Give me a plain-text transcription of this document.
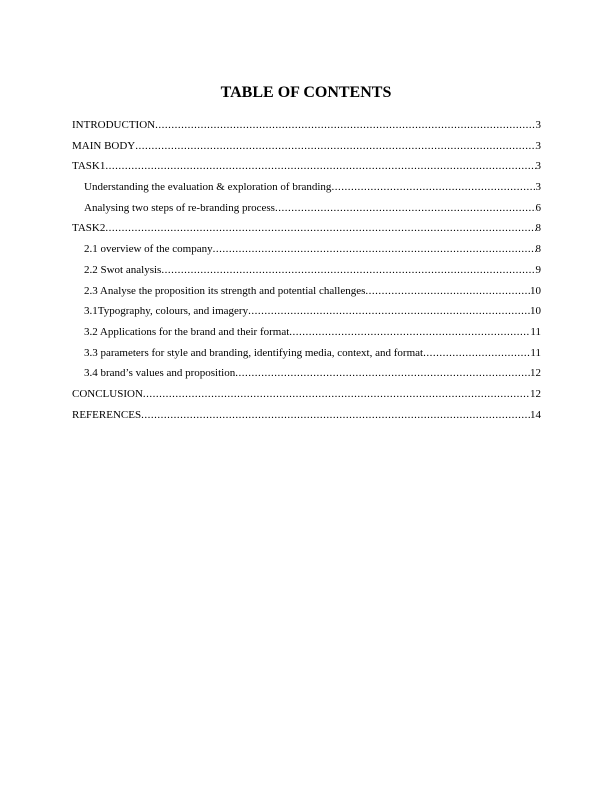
TABLE OF CONTENTS
INTRODUCTION .....	3
MAIN BODY .....	3
TASK1 .....	3
Understanding the evaluation & exploration of branding .....	3
Analysing two steps of re-branding process .....	6
TASK2 .....	8
2.1 overview of the company .....	8
2.2 Swot analysis .....	9
2.3 Analyse the proposition its strength and potential challenges .....	10
3.1Typography, colours, and imagery .....	10
3.2 Applications for the brand and their format .....	11
3.3 parameters for style and branding, identifying media, context, and format .....	11
3.4 brand’s values and proposition .....	12
CONCLUSION .....	12
REFERENCES .....	14
